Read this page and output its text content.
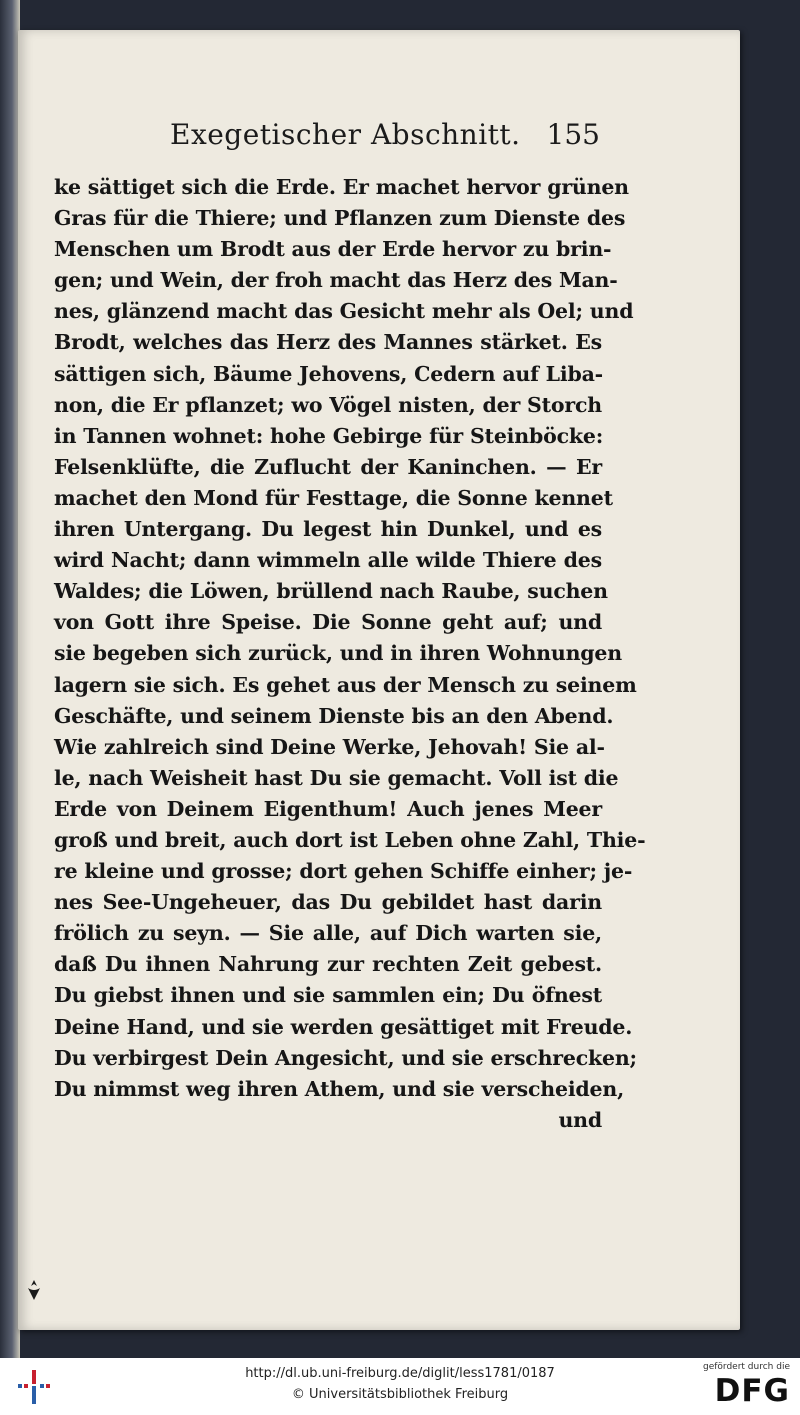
Exegetischer Abschnitt. 155
ke sättiget sich die Erde. Er machet hervor grünen
Gras für die Thiere; und Pflanzen zum Dienste des
Menschen um Brodt aus der Erde hervor zu brin-
gen; und Wein, der froh macht das Herz des Man-
nes, glänzend macht das Gesicht mehr als Oel; und
Brodt, welches das Herz des Mannes stärket. Es
sättigen sich, Bäume Jehovens, Cedern auf Liba-
non, die Er pflanzet; wo Vögel nisten, der Storch
in Tannen wohnet: hohe Gebirge für Steinböcke:
Felsenklüfte, die Zuflucht der Kaninchen. — Er
machet den Mond für Festtage, die Sonne kennet
ihren Untergang. Du legest hin Dunkel, und es
wird Nacht; dann wimmeln alle wilde Thiere des
Waldes; die Löwen, brüllend nach Raube, suchen
von Gott ihre Speise. Die Sonne geht auf; und
sie begeben sich zurück, und in ihren Wohnungen
lagern sie sich. Es gehet aus der Mensch zu seinem
Geschäfte, und seinem Dienste bis an den Abend.
Wie zahlreich sind Deine Werke, Jehovah! Sie al-
le, nach Weisheit hast Du sie gemacht. Voll ist die
Erde von Deinem Eigenthum! Auch jenes Meer
groß und breit, auch dort ist Leben ohne Zahl, Thie-
re kleine und grosse; dort gehen Schiffe einher; je-
nes See-Ungeheuer, das Du gebildet hast darin
frölich zu seyn. — Sie alle, auf Dich warten sie,
daß Du ihnen Nahrung zur rechten Zeit gebest.
Du giebst ihnen und sie sammlen ein; Du öfnest
Deine Hand, und sie werden gesättiget mit Freude.
Du verbirgest Dein Angesicht, und sie erschrecken;
Du nimmst weg ihren Athem, und sie verscheiden,
und
http://dl.ub.uni-freiburg.de/diglit/less1781/0187
© Universitätsbibliothek Freiburg
gefördert durch die
DFG
